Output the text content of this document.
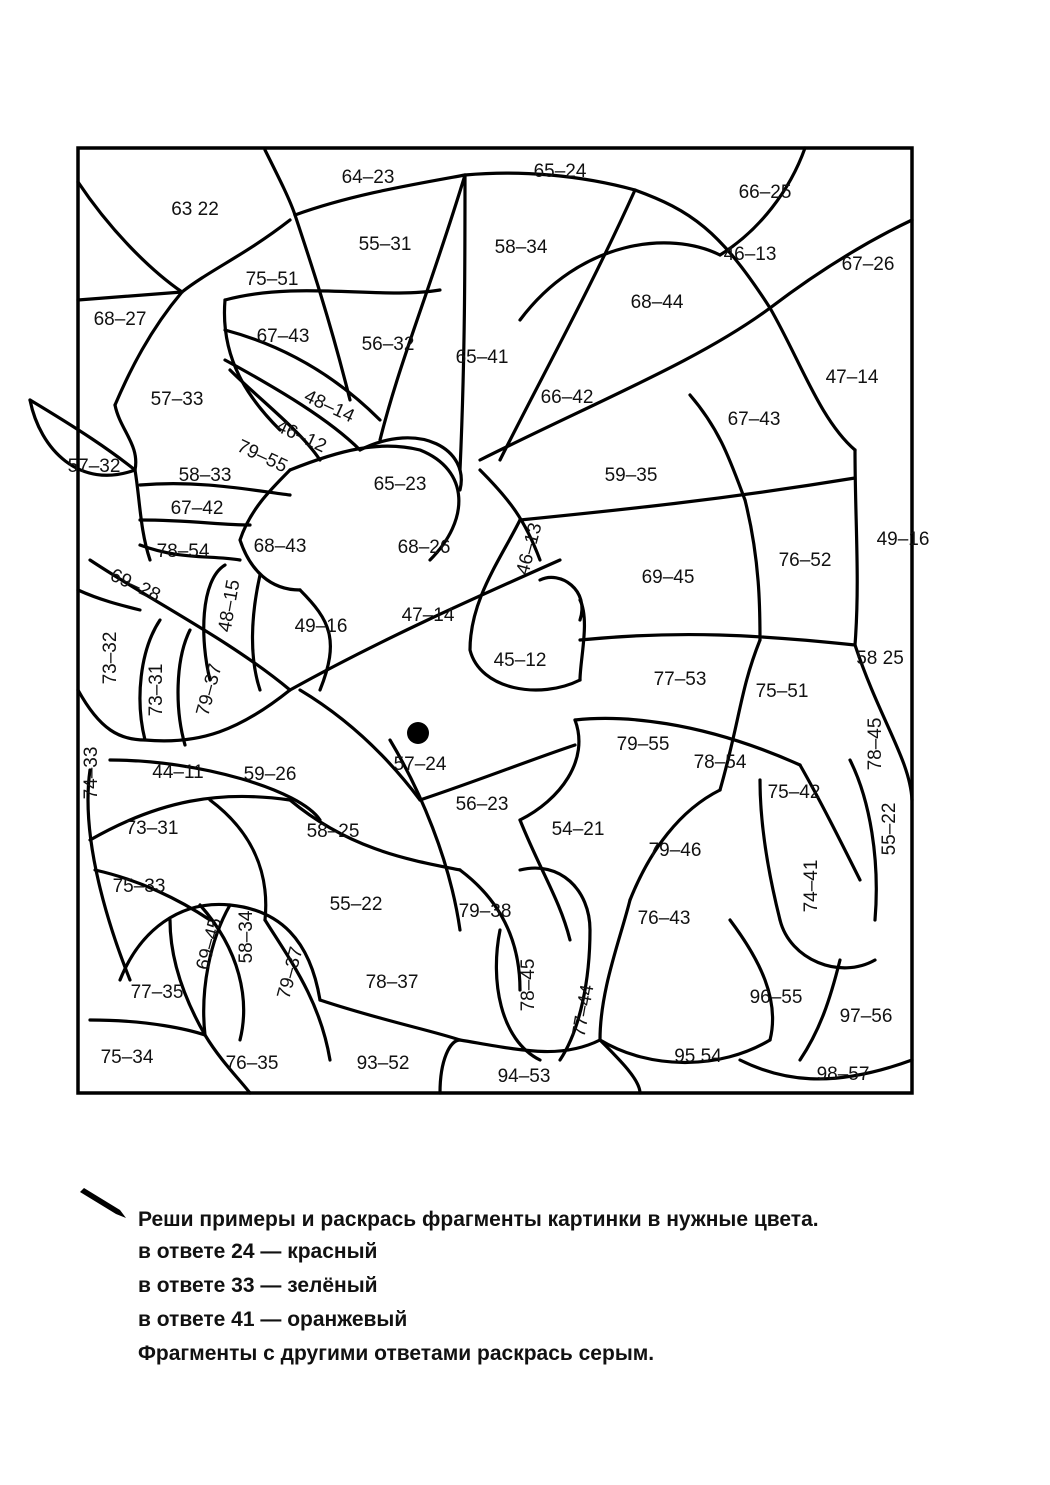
63 22
64–23	65–24
66–25
55–31	58–34	46–13	67–26
75–51
68–27
67–43	56–32
65–41
68–44
47–14
57–33	48–14
46–12
66–42
67–43
79–55
57–32	58–33	65–23	59–35
67–42
49–16
78–54 68–43	68–26	46–13	76–52
69–28	48–15
69–45
47–14
49–16
73–32
73–31 79–37
45–12	58 25
77–53
75–51
74–33
79–55	78–45
57–24
44–11 59–26
78–54
75–42
56–23
73–31	58–25	54–21	55–22
79–46
75–33	74–41
55–22	79–38	76–43
69–45 58–34
79–37	78–37	78–45 77–44
77–35	96–55
97–56
75–34	76–35	93–52	95 54
94–53	98–57
Реши примеры и раскрась фрагменты картинки в нужные цвета.
в ответе 24 — красный
в ответе 33 — зелёный
в ответе 41 — оранжевый
Фрагменты с другими ответами раскрась серым.
